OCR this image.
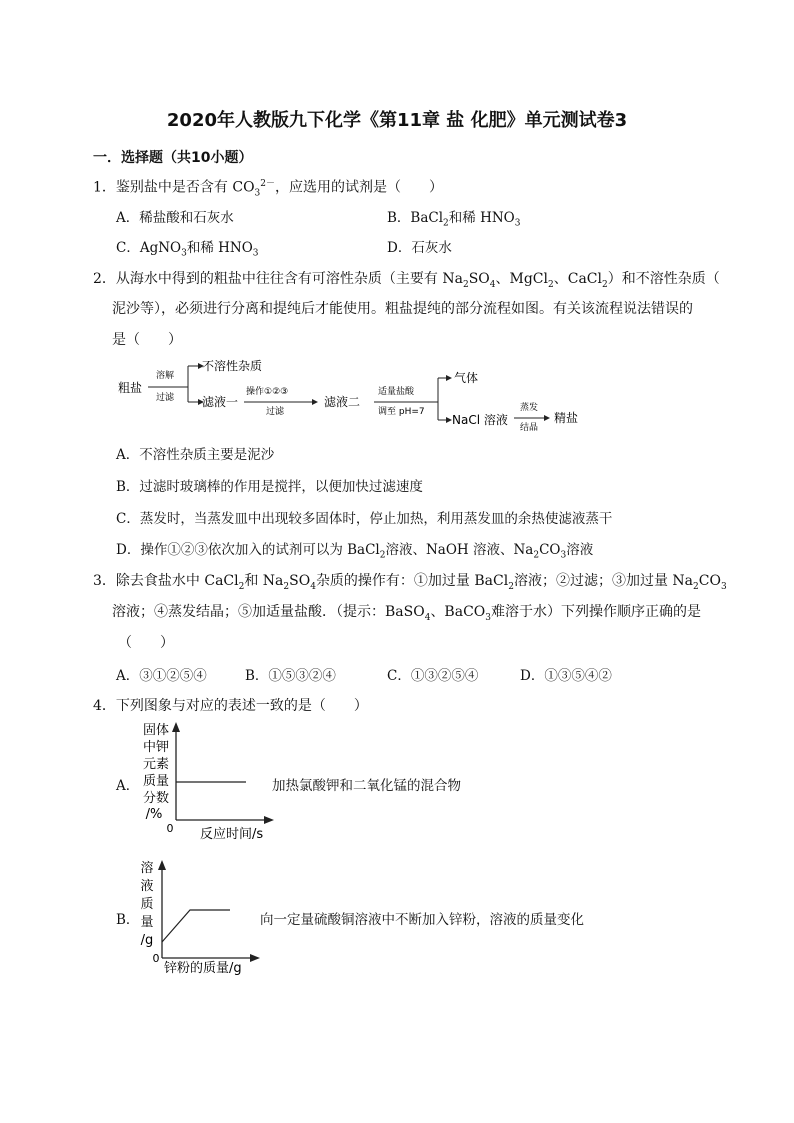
2020年人教版九下化学《第11章 盐 化肥》单元测试卷3
一．选择题（共10小题）
1．鉴别盐中是否含有 $CO_3^{2-}$，应选用的试剂是（　　）
A．稀盐酸和石灰水	B．BaCl$_2$和稀 $HNO_3$
C．AgNO$_3$和稀 $HNO_3$	D．石灰水
2．从海水中得到的粗盐中往往含有可溶性杂质（主要有 $Na_2SO_4$、MgCl$_2$、CaCl$_2$）和不溶性杂质（
泥沙等），必须进行分离和提纯后才能使用。粗盐提纯的部分流程如图。有关该流程说法错误的
是（　　）
粗盐
溶解
过滤
不溶性杂质
滤液一
操作①②③
过滤
滤液二
适量盐酸
调至 pH=7
气体
NaCl 溶液
蒸发
结晶
精盐
A．不溶性杂质主要是泥沙
B．过滤时玻璃棒的作用是搅拌，以便加快过滤速度
C．蒸发时，当蒸发皿中出现较多固体时，停止加热，利用蒸发皿的余热使滤液蒸干
D．操作①②③依次加入的试剂可以为 BaCl$_2$溶液、NaOH 溶液、$Na_2CO_3$溶液
3．除去食盐水中 CaCl$_2$和 $Na_2SO_4$杂质的操作有：①加过量 BaCl$_2$溶液；②过滤；③加过量 $Na_2CO_3$
溶液；④蒸发结晶；⑤加适量盐酸．（提示：BaSO$_4$、BaCO$_3$难溶于水）下列操作顺序正确的是
（　　）
A．③①②⑤④	B．①⑤③②④	C．①③②⑤④	D．①③⑤④②
4．下列图象与对应的表述一致的是（　　）
A．
固体
中钾
元素
质量
分数
/%
0 反应时间/s
加热氯酸钾和二氧化锰的混合物
B．
溶
液
质
量
/g
0
锌粉的质量/g
向一定量硫酸铜溶液中不断加入锌粉，溶液的质量变化
